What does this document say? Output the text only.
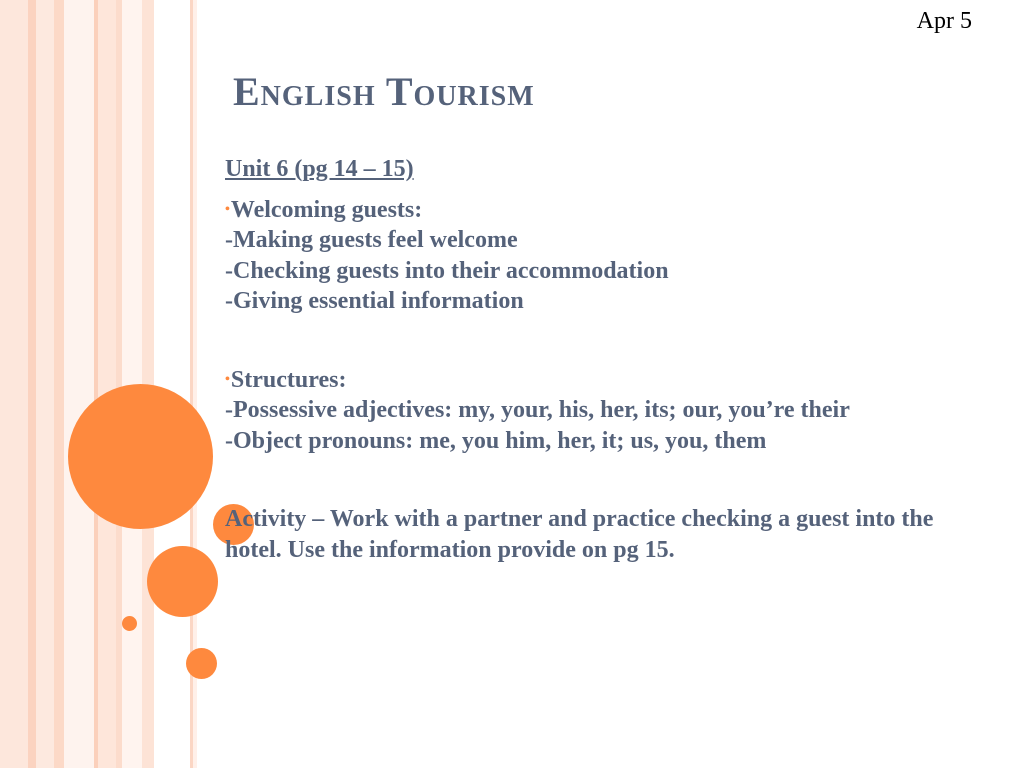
Apr 5
English Tourism
Unit 6 (pg 14 – 15)
•Welcoming guests:
-Making guests feel welcome
-Checking guests into their accommodation
-Giving essential information
•Structures:
-Possessive adjectives: my, your, his, her, its; our, you’re their
-Object pronouns: me, you him, her, it; us, you, them
Activity – Work with a partner and practice checking a guest into the hotel. Use the information provide on pg 15.
